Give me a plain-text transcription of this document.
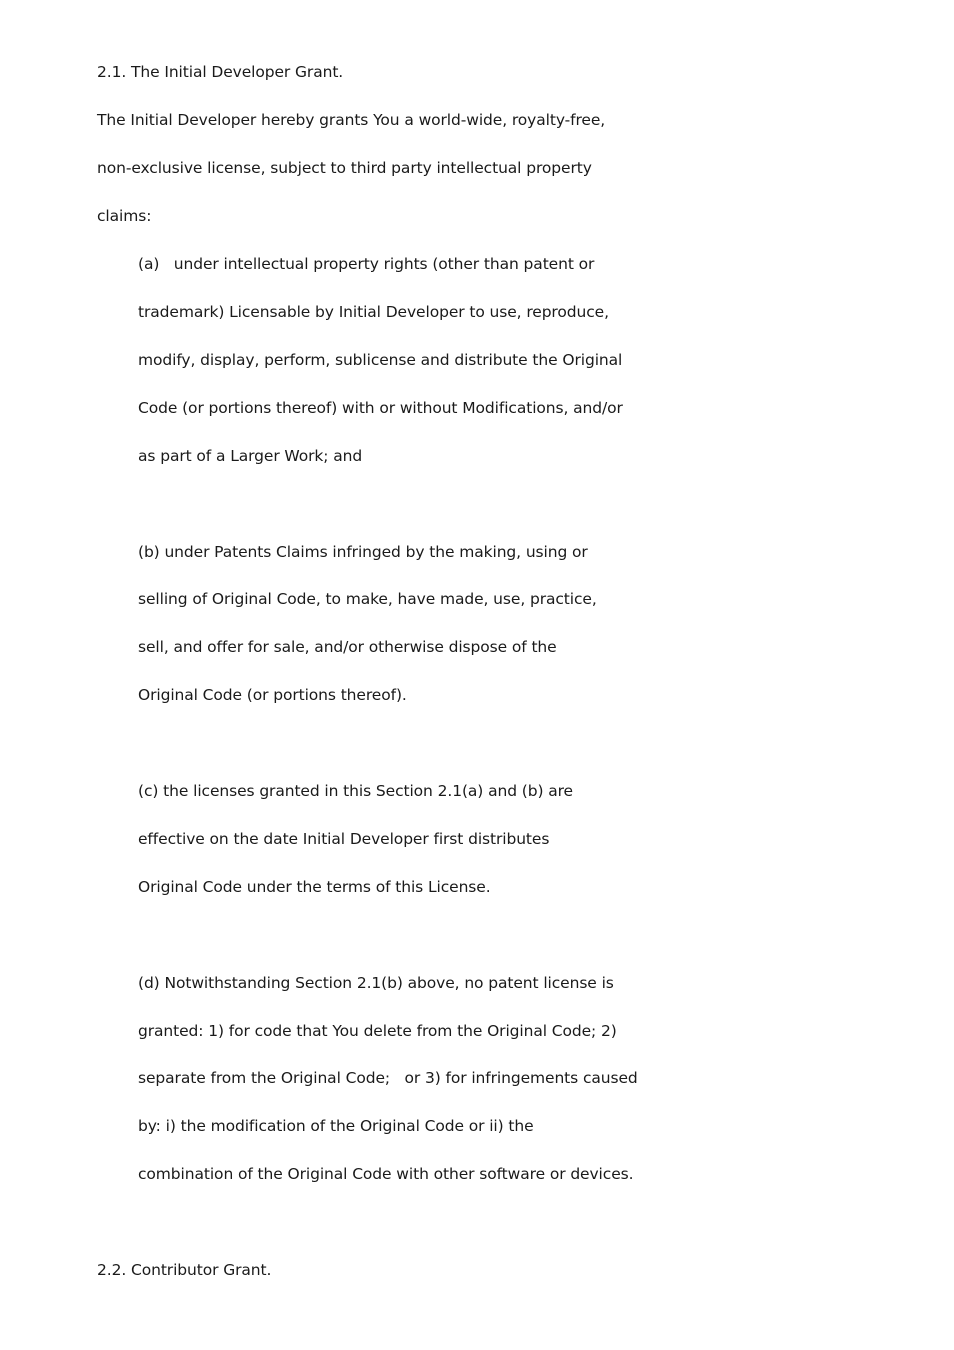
2.1. The Initial Developer Grant.
The Initial Developer hereby grants You a world-wide, royalty-free,
non-exclusive license, subject to third party intellectual property
claims:
(a)   under intellectual property rights (other than patent or
trademark) Licensable by Initial Developer to use, reproduce,
modify, display, perform, sublicense and distribute the Original
Code (or portions thereof) with or without Modifications, and/or
as part of a Larger Work; and
(b) under Patents Claims infringed by the making, using or
selling of Original Code, to make, have made, use, practice,
sell, and offer for sale, and/or otherwise dispose of the
Original Code (or portions thereof).
(c) the licenses granted in this Section 2.1(a) and (b) are
effective on the date Initial Developer first distributes
Original Code under the terms of this License.
(d) Notwithstanding Section 2.1(b) above, no patent license is
granted: 1) for code that You delete from the Original Code; 2)
separate from the Original Code;   or 3) for infringements caused
by: i) the modification of the Original Code or ii) the
combination of the Original Code with other software or devices.
2.2. Contributor Grant.
